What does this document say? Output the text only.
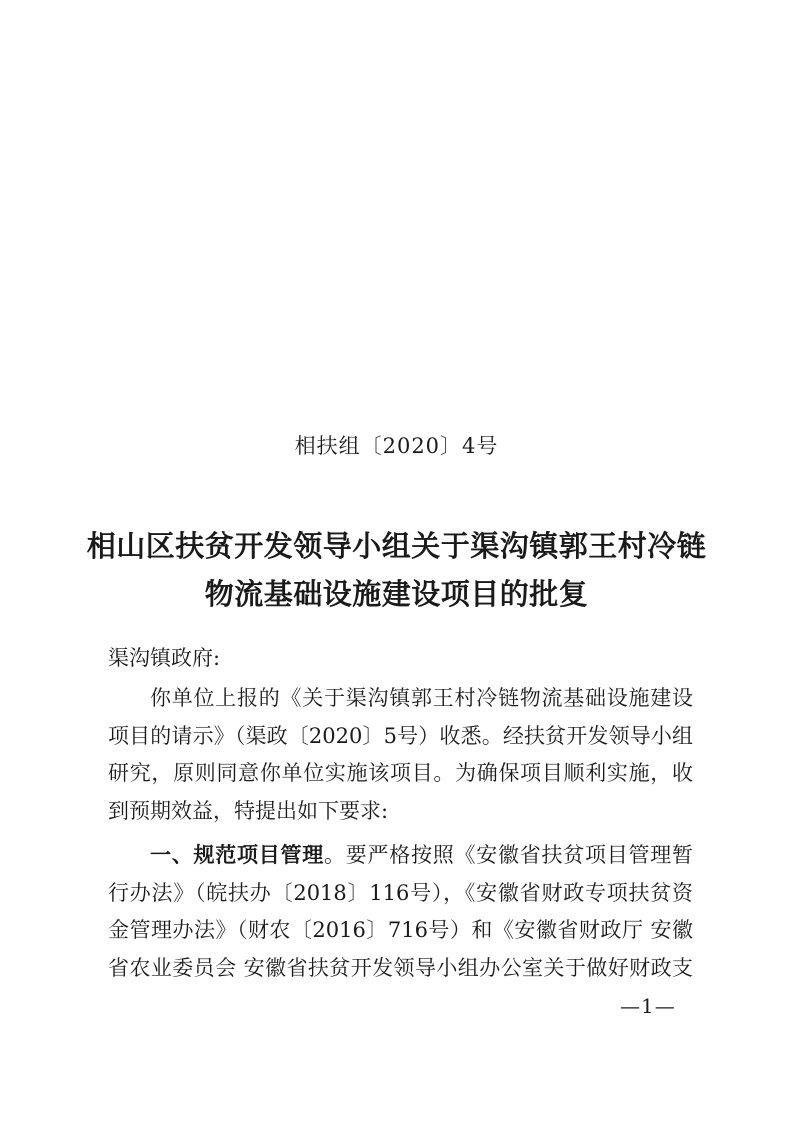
相扶组〔2020〕4号
相山区扶贫开发领导小组关于渠沟镇郭王村冷链
物流基础设施建设项目的批复
渠沟镇政府:
你单位上报的《关于渠沟镇郭王村冷链物流基础设施建设
项目的请示》（渠政〔2020〕5号）收悉。经扶贫开发领导小组
研究，原则同意你单位实施该项目。为确保项目顺利实施，收
到预期效益，特提出如下要求:
一、规范项目管理。要严格按照《安徽省扶贫项目管理暂
行办法》（皖扶办〔2018〕116号），《安徽省财政专项扶贫资
金管理办法》（财农〔2016〕716号）和《安徽省财政厅 安徽
省农业委员会 安徽省扶贫开发领导小组办公室关于做好财政支
—1—
